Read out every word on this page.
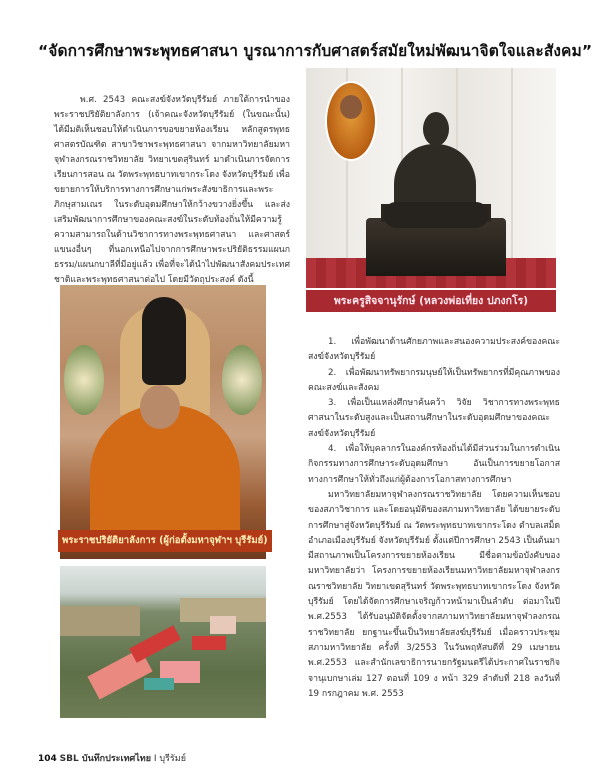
“จัดการศึกษาพระพุทธศาสนา บูรณาการกับศาสตร์สมัยใหม่พัฒนาจิตใจและสังคม”

พ.ศ. 2543 คณะสงฆ์จังหวัดบุรีรัมย์ ภายใต้การนำของพระราชปริยัติยาลังการ (เจ้าคณะจังหวัดบุรีรัมย์ (ในขณะนั้น) ได้มีมติเห็นชอบให้ดำเนินการขอขยายห้องเรียน หลักสูตรพุทธศาสตรบัณฑิต สาขาวิชาพระพุทธศาสนา จากมหาวิทยาลัยมหาจุฬาลงกรณราชวิทยาลัย วิทยาเขตสุรินทร์ มาดำเนินการจัดการเรียนการสอน ณ วัดพระพุทธบาทเขากระโดง จังหวัดบุรีรัมย์ เพื่อขยายการให้บริการทางการศึกษาแก่พระสังฆาธิการและพระภิกษุสามเณร ในระดับอุดมศึกษาให้กว้างขวางยิ่งขึ้น และส่งเสริมพัฒนาการศึกษาของคณะสงฆ์ในระดับท้องถิ่นให้มีความรู้ความสามารถในด้านวิชาการทางพระพุทธศาสนา และศาสตร์แขนงอื่นๆ ที่นอกเหนือไปจากการศึกษาพระปริยัติธรรมแผนกธรรม/แผนกบาลีที่มีอยู่แล้ว เพื่อที่จะได้นำไปพัฒนาสังคมประเทศชาติและพระพุทธศาสนาต่อไป โดยมีวัตถุประสงค์ ดังนี้

พระครูสิจจานุรักษ์ (หลวงพ่อเที่ยง ปภงกโร)
พระราชปริยัติยาลังการ (ผู้ก่อตั้งมหาจุฬาฯ บุรีรัมย์)

1. เพื่อพัฒนาด้านศักยภาพและสนองความประสงค์ของคณะสงฆ์จังหวัดบุรีรัมย์

2. เพื่อพัฒนาทรัพยากรมนุษย์ให้เป็นทรัพยากรที่มีคุณภาพของคณะสงฆ์และสังคม

3. เพื่อเป็นแหล่งศึกษาค้นคว้า วิจัย วิชาการทางพระพุทธศาสนาในระดับสูงและเป็นสถานศึกษาในระดับอุดมศึกษาของคณะสงฆ์จังหวัดบุรีรัมย์

4. เพื่อให้บุคลากรในองค์กรท้องถิ่นได้มีส่วนร่วมในการดำเนินกิจกรรมทางการศึกษาระดับอุดมศึกษา อันเป็นการขยายโอกาสทางการศึกษาให้ทั่วถึงแก่ผู้ต้องการโอกาสทางการศึกษา

มหาวิทยาลัยมหาจุฬาลงกรณราชวิทยาลัย โดยความเห็นชอบของสภาวิชาการ และโดยอนุมัติของสภามหาวิทยาลัย ได้ขยายระดับการศึกษาสู่จังหวัดบุรีรัมย์ ณ วัดพระพุทธบาทเขากระโดง ตำบลเสม็ด อำเภอเมืองบุรีรัมย์ จังหวัดบุรีรัมย์ ตั้งแต่ปีการศึกษา 2543 เป็นต้นมา มีสถานภาพเป็นโครงการขยายห้องเรียน มีชื่อตามข้อบังคับของมหาวิทยาลัยว่า โครงการขยายห้องเรียนมหาวิทยาลัยมหาจุฬาลงกรณราชวิทยาลัย วิทยาเขตสุรินทร์ วัดพระพุทธบาทเขากระโดง จังหวัดบุรีรัมย์ โดยได้จัดการศึกษาเจริญก้าวหน้ามาเป็นลำดับ ต่อมาในปี พ.ศ.2553 ได้รับอนุมัติจัดตั้งจากสภามหาวิทยาลัยมหาจุฬาลงกรณราชวิทยาลัย ยกฐานะขึ้นเป็นวิทยาลัยสงฆ์บุรีรัมย์ เมื่อคราวประชุมสภามหาวิทยาลัย ครั้งที่ 3/2553 ในวันพฤหัสบดีที่ 29 เมษายน พ.ศ.2553 และสำนักเลขาธิการนายกรัฐมนตรีได้ประกาศในราชกิจจานุเบกษาเล่ม 127 ตอนที่ 109 ง หน้า 329 ลำดับที่ 218 ลงวันที่ 19 กรกฎาคม พ.ศ. 2553

104 SBL บันทึกประเทศไทย I บุรีรัมย์
